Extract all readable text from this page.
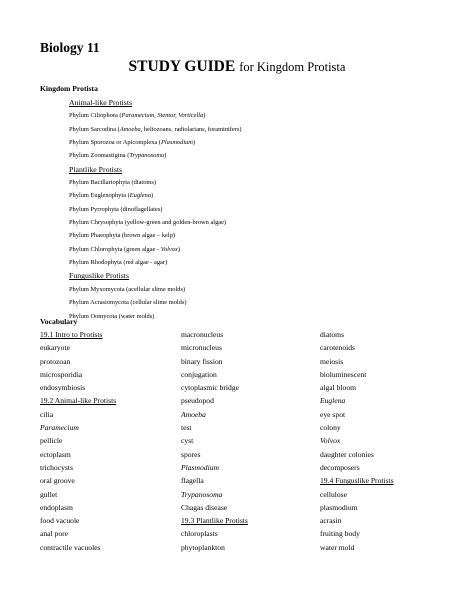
Biology 11
STUDY GUIDE for Kingdom Protista
Kingdom Protista
Animal-like Protists
Phylum Ciliophora (Paramecium, Stentor, Vorticella)
Phylum Sarcodina (Amoeba, heliozoans, radiolarians, foraminifers)
Phylum Sporozoa or Apicomplexa (Plasmodium)
Phylum Zoomastigina (Trypanosoma)
Plantlike Protists
Phylum Bacillariophyta (diatoms)
Phylum Euglenophyta (Euglena)
Phylum Pyrrophyta (dinoflagellates)
Phylum Chrysophyta (yellow-green and golden-brown algae)
Phylum Phaeophyta (brown algae – kelp)
Phylum Chlorophyta (green algae - Volvox)
Phylum Rhodophyta (red algae - agar)
Funguslike Protists
Phylum Myxomycota (acellular slime molds)
Phylum Acrasiomycota (cellular slime molds)
Phylum Oomycota (water molds)
Vocabulary
19.1 Intro to Protists
eukaryote
protozoan
microsporidia
endosymbiosis
19.2 Animal-like Protists
cilia
Paramecium
pellicle
ectoplasm
trichocysts
oral groove
gullet
endoplasm
food vacuole
anal pore
contractile vacuoles
macronucleus
micronucleus
binary fission
conjugation
cytoplasmic bridge
pseudopod
Amoeba
test
cyst
spores
Plasmodium
flagella
Trypanosoma
Chagas disease
19.3 Plantlike Protists
chloroplasts
phytoplankton
diatoms
carotenoids
meiosis
bioluminescent
algal bloom
Euglena
eye spot
colony
Volvox
daughter colonies
decomposers
19.4 Funguslike Protists
cellulose
plasmodium
acrasin
fruiting body
water mold
